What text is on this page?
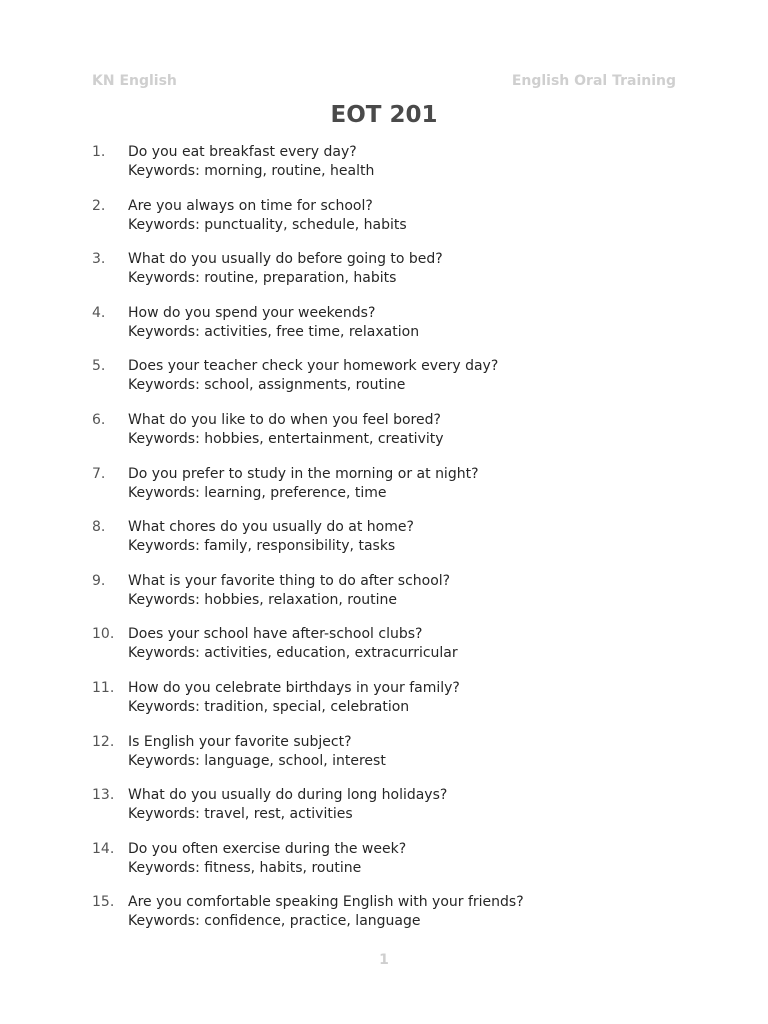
KN English	English Oral Training
EOT 201
1. Do you eat breakfast every day?
Keywords: morning, routine, health
2. Are you always on time for school?
Keywords: punctuality, schedule, habits
3. What do you usually do before going to bed?
Keywords: routine, preparation, habits
4. How do you spend your weekends?
Keywords: activities, free time, relaxation
5. Does your teacher check your homework every day?
Keywords: school, assignments, routine
6. What do you like to do when you feel bored?
Keywords: hobbies, entertainment, creativity
7. Do you prefer to study in the morning or at night?
Keywords: learning, preference, time
8. What chores do you usually do at home?
Keywords: family, responsibility, tasks
9. What is your favorite thing to do after school?
Keywords: hobbies, relaxation, routine
10. Does your school have after-school clubs?
Keywords: activities, education, extracurricular
11. How do you celebrate birthdays in your family?
Keywords: tradition, special, celebration
12. Is English your favorite subject?
Keywords: language, school, interest
13. What do you usually do during long holidays?
Keywords: travel, rest, activities
14. Do you often exercise during the week?
Keywords: fitness, habits, routine
15. Are you comfortable speaking English with your friends?
Keywords: confidence, practice, language
1
